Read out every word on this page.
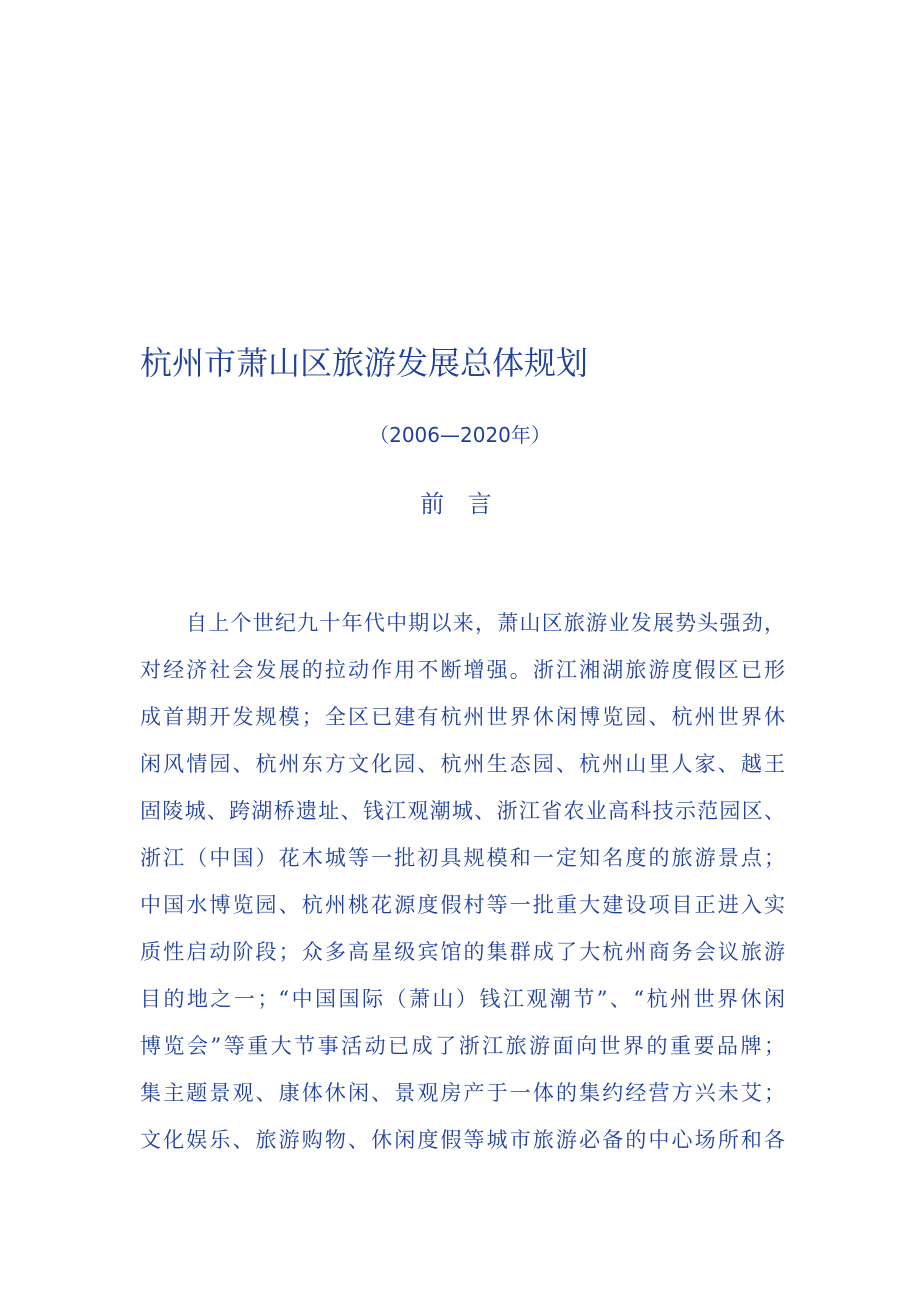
杭州市萧山区旅游发展总体规划
（2006—2020年）
前 言
自上个世纪九十年代中期以来，萧山区旅游业发展势头强劲，
对经济社会发展的拉动作用不断增强。浙江湘湖旅游度假区已形
成首期开发规模；全区已建有杭州世界休闲博览园、杭州世界休
闲风情园、杭州东方文化园、杭州生态园、杭州山里人家、越王
固陵城、跨湖桥遗址、钱江观潮城、浙江省农业高科技示范园区、
浙江（中国）花木城等一批初具规模和一定知名度的旅游景点；
中国水博览园、杭州桃花源度假村等一批重大建设项目正进入实
质性启动阶段；众多高星级宾馆的集群成了大杭州商务会议旅游
目的地之一；“中国国际（萧山）钱江观潮节”、“杭州世界休闲
博览会”等重大节事活动已成了浙江旅游面向世界的重要品牌；
集主题景观、康体休闲、景观房产于一体的集约经营方兴未艾；
文化娱乐、旅游购物、休闲度假等城市旅游必备的中心场所和各
